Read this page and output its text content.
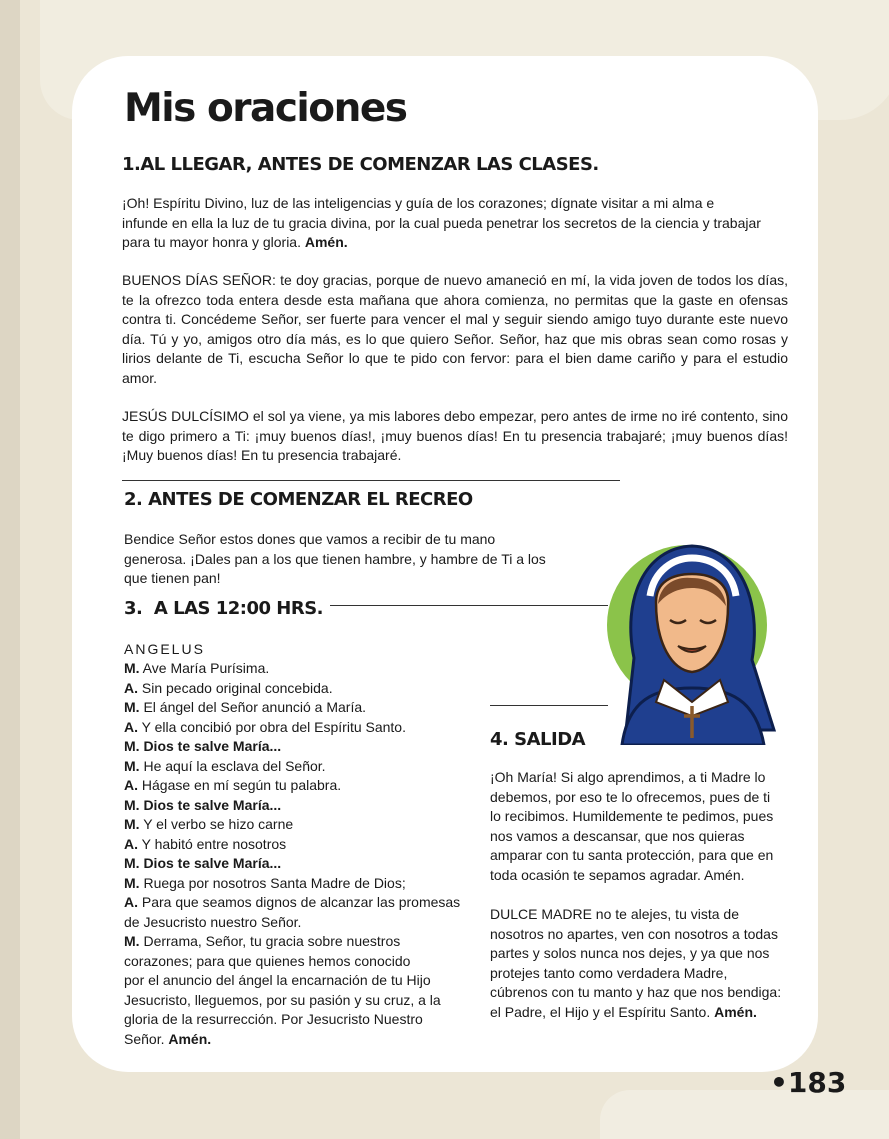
Mis oraciones
1.AL LLEGAR, ANTES DE COMENZAR LAS CLASES.

¡Oh! Espíritu Divino, luz de las inteligencias y guía de los corazones; dígnate visitar a mi alma e infunde en ella la luz de tu gracia divina, por la cual pueda penetrar los secretos de la ciencia y trabajar para tu mayor honra y gloria. Amén.

BUENOS DÍAS SEÑOR: te doy gracias, porque de nuevo amaneció en mí, la vida joven de todos los días, te la ofrezco toda entera desde esta mañana que ahora comienza, no permitas que la gaste en ofensas contra ti. Concédeme Señor, ser fuerte para vencer el mal y seguir siendo amigo tuyo durante este nuevo día. Tú y yo, amigos otro día más, es lo que quiero Señor. Señor, haz que mis obras sean como rosas y lirios delante de Ti, escucha Señor lo que te pido con fervor: para el bien dame cariño y para el estudio amor.

JESÚS DULCÍSIMO el sol ya viene, ya mis labores debo empezar, pero antes de irme no iré contento, sino te digo primero a Ti: ¡muy buenos días!, ¡muy buenos días! En tu presencia trabajaré; ¡muy buenos días! ¡Muy buenos días! En tu presencia trabajaré.

2. ANTES DE COMENZAR EL RECREO

Bendice Señor estos dones que vamos a recibir de tu mano generosa. ¡Dales pan a los que tienen hambre, y hambre de Ti a los que tienen pan!

3.  A LAS 12:00 HRS.
ANGELUS
M. Ave María Purísima.
A. Sin pecado original concebida.
M. El ángel del Señor anunció a María.
A. Y ella concibió por obra del Espíritu Santo.
M. Dios te salve María...
M. He aquí la esclava del Señor.
A. Hágase en mí según tu palabra.
M. Dios te salve María...
M. Y el verbo se hizo carne
A. Y habitó entre nosotros
M. Dios te salve María...
M. Ruega por nosotros Santa Madre de Dios;
A. Para que seamos dignos de alcanzar las promesas
de Jesucristo nuestro Señor.
M. Derrama, Señor, tu gracia sobre nuestros
corazones; para que quienes hemos conocido
por el anuncio del ángel la encarnación de tu Hijo
Jesucristo, lleguemos, por su pasión y su cruz, a la
gloria de la resurrección. Por Jesucristo Nuestro
Señor. Amén.
4. SALIDA

¡Oh María! Si algo aprendimos, a ti Madre lo debemos, por eso te lo ofrecemos, pues de ti lo recibimos. Humildemente te pedimos, pues nos vamos a descansar, que nos quieras amparar con tu santa protección, para que en toda ocasión te sepamos agradar. Amén.

DULCE MADRE no te alejes, tu vista de nosotros no apartes, ven con nosotros a todas partes y solos nunca nos dejes, y ya que nos protejes tanto como verdadera Madre, cúbrenos con tu manto y haz que nos bendiga: el Padre, el Hijo y el Espíritu Santo. Amén.

•183
